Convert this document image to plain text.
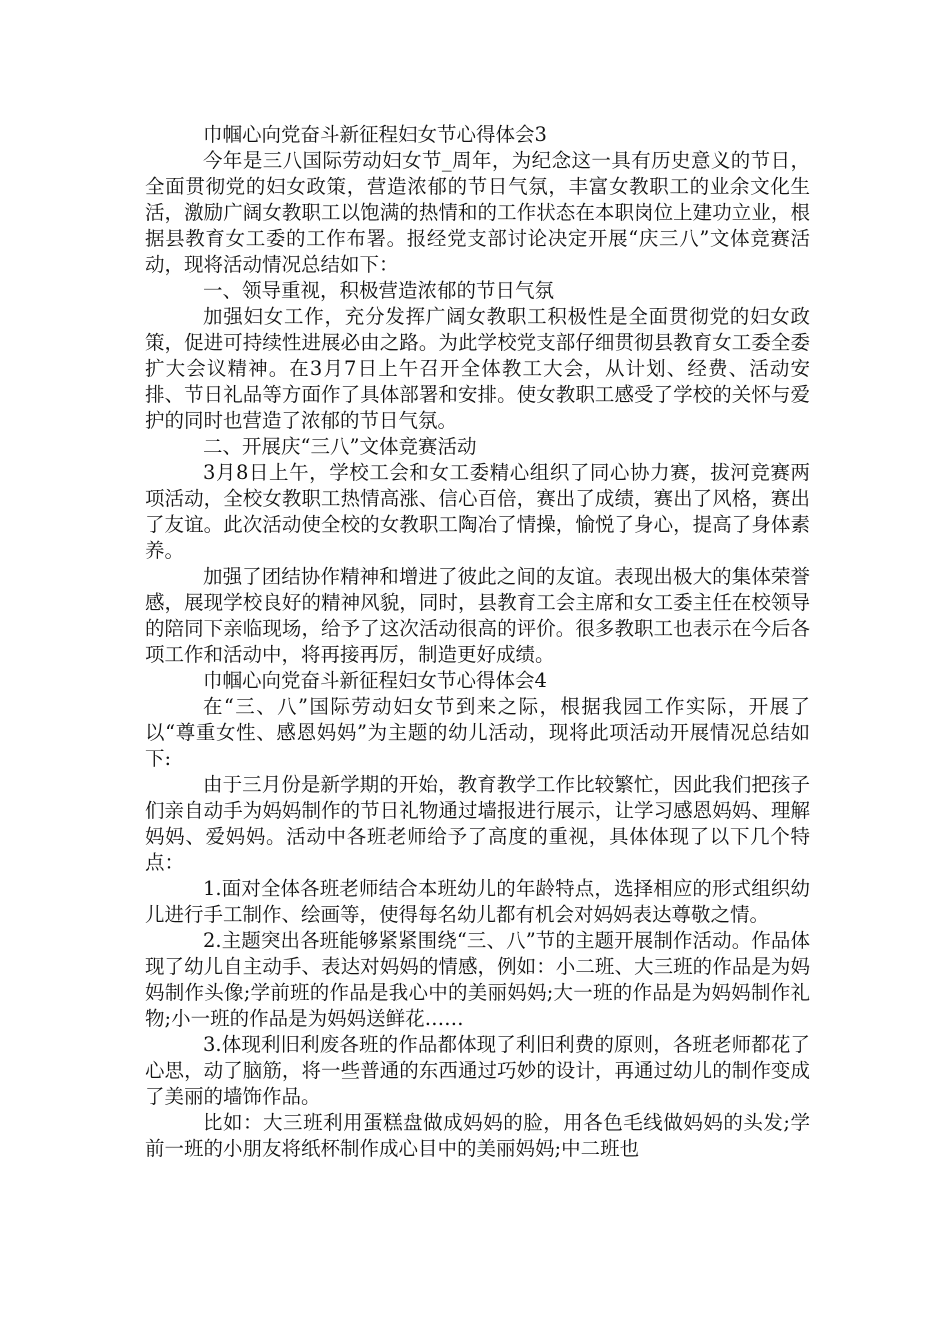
巾帼心向党奋斗新征程妇女节心得体会3

今年是三八国际劳动妇女节_周年，为纪念这一具有历史意义的节日，全面贯彻党的妇女政策，营造浓郁的节日气氛，丰富女教职工的业余文化生活，激励广阔女教职工以饱满的热情和的工作状态在本职岗位上建功立业，根据县教育女工委的工作布署。报经党支部讨论决定开展“庆三八”文体竞赛活动，现将活动情况总结如下：

一、领导重视，积极营造浓郁的节日气氛

加强妇女工作，充分发挥广阔女教职工积极性是全面贯彻党的妇女政策，促进可持续性进展必由之路。为此学校党支部仔细贯彻县教育女工委全委扩大会议精神。在3月7日上午召开全体教工大会，从计划、经费、活动安排、节日礼品等方面作了具体部署和安排。使女教职工感受了学校的关怀与爱护的同时也营造了浓郁的节日气氛。

二、开展庆“三八”文体竞赛活动

3月8日上午，学校工会和女工委精心组织了同心协力赛，拔河竞赛两项活动，全校女教职工热情高涨、信心百倍，赛出了成绩，赛出了风格，赛出了友谊。此次活动使全校的女教职工陶冶了情操，愉悦了身心，提高了身体素养。

加强了团结协作精神和增进了彼此之间的友谊。表现出极大的集体荣誉感，展现学校良好的精神风貌，同时，县教育工会主席和女工委主任在校领导的陪同下亲临现场，给予了这次活动很高的评价。很多教职工也表示在今后各项工作和活动中，将再接再厉，制造更好成绩。

巾帼心向党奋斗新征程妇女节心得体会4

在“三、八”国际劳动妇女节到来之际，根据我园工作实际，开展了以“尊重女性、感恩妈妈”为主题的幼儿活动，现将此项活动开展情况总结如下:

由于三月份是新学期的开始，教育教学工作比较繁忙，因此我们把孩子们亲自动手为妈妈制作的节日礼物通过墙报进行展示，让学习感恩妈妈、理解妈妈、爱妈妈。活动中各班老师给予了高度的重视，具体体现了以下几个特点：

1.面对全体各班老师结合本班幼儿的年龄特点，选择相应的形式组织幼儿进行手工制作、绘画等，使得每名幼儿都有机会对妈妈表达尊敬之情。

2.主题突出各班能够紧紧围绕“三、八”节的主题开展制作活动。作品体现了幼儿自主动手、表达对妈妈的情感，例如：小二班、大三班的作品是为妈妈制作头像;学前班的作品是我心中的美丽妈妈;大一班的作品是为妈妈制作礼物;小一班的作品是为妈妈送鲜花……

3.体现利旧利废各班的作品都体现了利旧利费的原则，各班老师都花了心思，动了脑筋，将一些普通的东西通过巧妙的设计，再通过幼儿的制作变成了美丽的墙饰作品。

比如：大三班利用蛋糕盘做成妈妈的脸，用各色毛线做妈妈的头发;学前一班的小朋友将纸杯制作成心目中的美丽妈妈;中二班也
